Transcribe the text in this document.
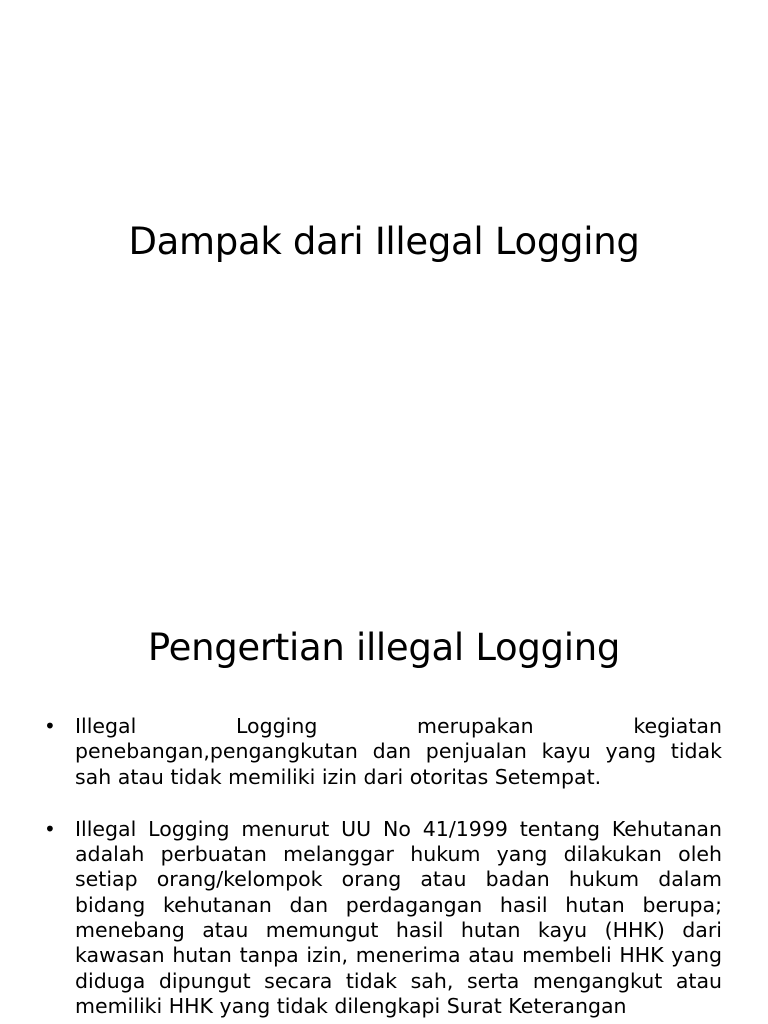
Dampak dari Illegal Logging
Pengertian illegal Logging
• Illegal	Logging	merupakan	kegiatan
penebangan,pengangkutan dan penjualan kayu yang tidak sah atau tidak memiliki izin dari otoritas Setempat.
• Illegal Logging menurut UU No 41/1999 tentang Kehutanan adalah perbuatan melanggar hukum yang dilakukan oleh setiap orang/kelompok orang atau badan hukum dalam bidang kehutanan dan perdagangan hasil hutan berupa; menebang atau memungut hasil hutan kayu (HHK) dari kawasan hutan tanpa izin, menerima atau membeli HHK yang diduga dipungut secara tidak sah, serta mengangkut atau memiliki HHK yang tidak dilengkapi Surat Keterangan
